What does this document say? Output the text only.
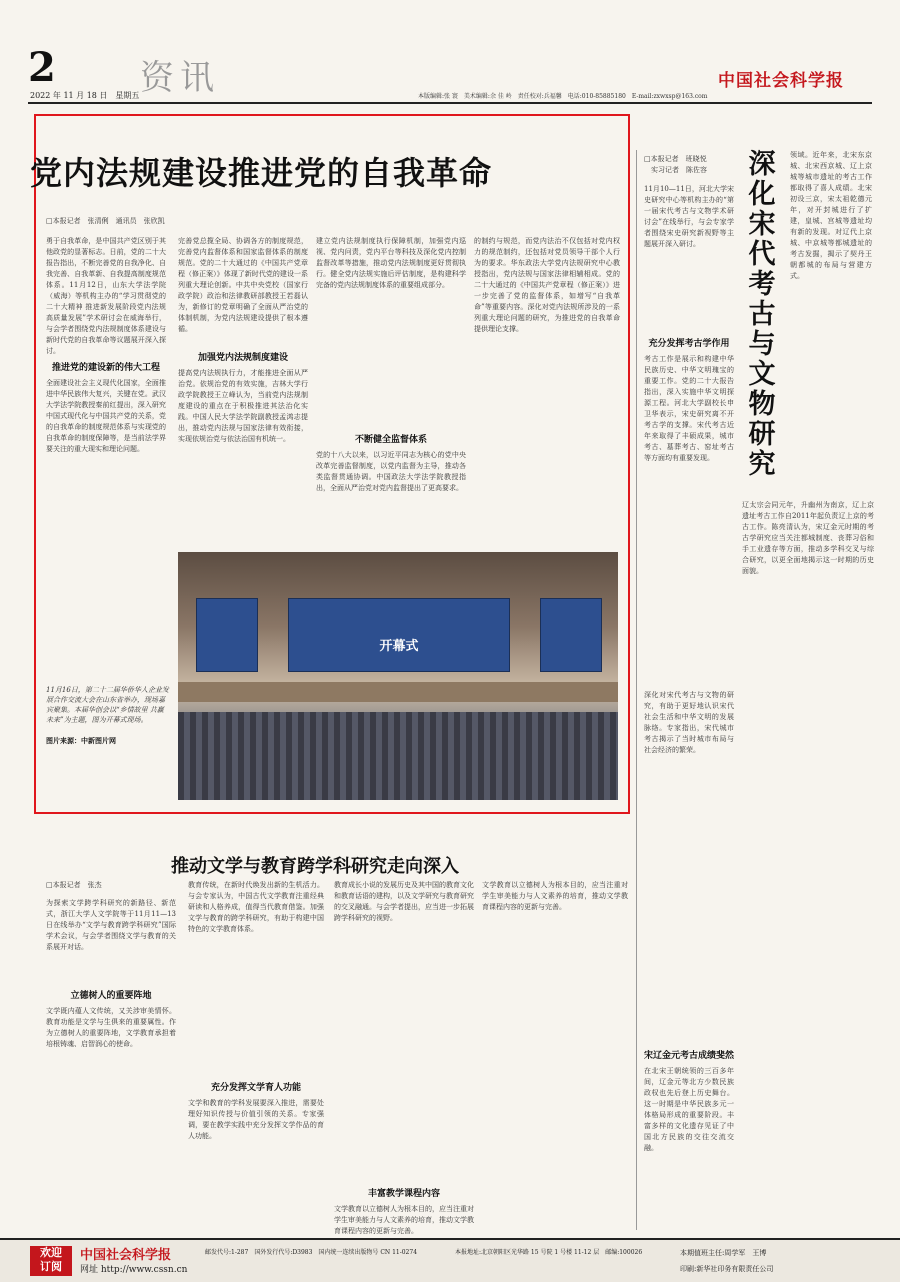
2 资讯
2022 年 11 月 18 日　星期五
中国社会科学报
本版编辑:张 寰　美术编辑:余 佳 岭　责任校对:兵福馨　电话:010-85885180　E-mail:zxwxsp@163.com
党内法规建设推进党的自我革命
□本报记者　张清俐　通讯员　张欣凯
勇于自我革命，是中国共产党区别于其他政党的显著标志。日前，党的二十大报告指出，不断完善党的自我净化、自我完善、自我革新、自我提高制度规范体系。11月12日，山东大学法学院（威海）等机构主办的“学习贯彻党的二十大精神 推进新发展阶段党内法规高质量发展”学术研讨会在威海举行，与会学者围绕党内法规制度体系建设与新时代党的自我革命等议题展开深入探讨。
推进党的建设新的伟大工程
全面建设社会主义现代化国家，全面推进中华民族伟大复兴，关键在党。武汉大学法学院教授秦前红提出，深入研究中国式现代化与中国共产党的关系，党的自我革命的制度规范体系与实现党的自我革命的制度保障等，是当前法学界要关注的重大现实和理论问题。
完善党总揽全局、协调各方的制度规范，完善党内监督体系和国家监督体系的制度规范。党的二十大通过的《中国共产党章程（修正案）》体现了新时代党的建设一系列重大理论创新。中共中央党校（国家行政学院）政治和法律教研部教授王若磊认为，新修订的党章明确了全面从严治党的体制机制，为党内法规建设提供了根本遵循。
加强党内法规制度建设
提高党内法规执行力，才能推进全面从严治党。依规治党的有效实施，吉林大学行政学院教授王立峰认为，当前党内法规制度建设的重点在于积极推进其法治化实践。中国人民大学法学院副教授孟鸿志提出，推动党内法规与国家法律有效衔接，实现依规治党与依法治国有机统一。
建立党内法规制度执行保障机制，加强党内巡视、党内问责，党内平台等科技及深化党内控制监督改革等措施，推动党内法规制度更好贯彻执行。健全党内法规实施后评估制度，是构建科学完备的党内法规制度体系的重要组成部分。
不断健全监督体系
党的十八大以来，以习近平同志为核心的党中央改革完善监督制度，以党内监督为主导，推动各类监督贯通协调。中国政法大学法学院教授指出，全面从严治党对党内监督提出了更高要求。
的制约与规范，而党内法治不仅包括对党内权力的规范制约，还包括对党员领导干部个人行为的要求。华东政法大学党内法规研究中心教授指出，党内法规与国家法律相辅相成。党的二十大通过的《中国共产党章程（修正案）》进一步完善了党的监督体系，如增写“自我革命”等重要内容。深化对党内法规所涉及的一系列重大理论问题的研究，为推进党的自我革命提供理论支撑。
开幕式
11月16日，第二十二届华侨华人企业发展合作交流大会在山东省举办，现场嘉宾聚集。本届华创会以“乡情故里 共赢未来”为主题，图为开幕式现场。
图片来源：中新图片网
□本报记者　班晓悦
　实习记者　陈佐容	深化宋代考古与文物研究
11月10—11日，河北大学宋史研究中心等机构主办的“第一届宋代考古与文物学术研讨会”在线举行，与会专家学者围绕宋史研究新视野等主题展开深入研讨。
充分发挥考古学作用
考古工作是展示和构建中华民族历史、中华文明瑰宝的重要工作。党的二十大报告指出，深入实施中华文明探源工程。河北大学副校长申卫华表示，宋史研究离不开考古学的支撑。宋代考古近年来取得了丰硕成果，城市考古、墓葬考古、窑址考古等方面均有重要发现。
深化对宋代考古与文物的研究，有助于更好地认识宋代社会生活和中华文明的发展脉络。专家指出，宋代城市考古揭示了当时城市布局与社会经济的繁荣。
宋辽金元考古成绩斐然
在北宋王朝统领的三百多年间，辽金元等北方少数民族政权也先后登上历史舞台。这一时期是中华民族多元一体格局形成的重要阶段。丰富多样的文化遗存见证了中国北方民族的交往交流交融。
领域。近年来，北宋东京城、北宋西京城、辽上京城等城市遗址的考古工作都取得了喜人成绩。北宋初设三京，宋太祖乾德元年，对开封城进行了扩建，皇城、宫城等遗址均有新的发现。对辽代上京城、中京城等都城遗址的考古发掘，揭示了契丹王朝都城的布局与营建方式。
辽太宗会同元年，升幽州为南京，辽上京遗址考古工作自2011年起负责辽上京的考古工作。陈亮清认为，宋辽金元时期的考古学研究应当关注都城制度、丧葬习俗和手工业遗存等方面，推动多学科交叉与综合研究，以更全面地揭示这一时期的历史面貌。
推动文学与教育跨学科研究走向深入
□本报记者　张杰
为探索文学跨学科研究的新路径、新范式，浙江大学人文学院等于11月11—13日在线举办“文学与教育跨学科研究”国际学术会议，与会学者围绕文学与教育的关系展开对话。
立德树人的重要阵地
文学既内蕴人文传统，又关涉审美情怀。教育功能是文学与生俱来的重要属性。作为立德树人的重要阵地，文学教育承担着培根铸魂、启智润心的使命。
教育传统，在新时代焕发出新的生机活力。与会专家认为，中国古代文学教育注重经典研读和人格养成，值得当代教育借鉴。加强文学与教育的跨学科研究，有助于构建中国特色的文学教育体系。
充分发挥文学育人功能
文学和教育的学科发展要深入推进，需要处理好知识传授与价值引领的关系。专家强调，要在教学实践中充分发挥文学作品的育人功能。
教育成长小说的发展历史及其中国的教育文化和教育话语的建构，以及文学研究与教育研究的交叉融通。与会学者提出，应当进一步拓展跨学科研究的视野。
丰富教学课程内容
文学教育以立德树人为根本目的，应当注重对学生审美能力与人文素养的培育，推动文学教育课程内容的更新与完善。
文学教育以立德树人为根本目的，应当注重对学生审美能力与人文素养的培育，推动文学教育课程内容的更新与完善。
欢迎
订阅
中国社会科学报
网址 http://www.cssn.cn
邮发代号:1-287　国外发行代号:D3983　国内统一连续出版物号 CN 11-0274	本报地址:北京朝阳区光华路 15 号院 1 号楼 11-12 层　邮编:100026	本期值班主任:周学军　王博
印刷:新华社印务有限责任公司
